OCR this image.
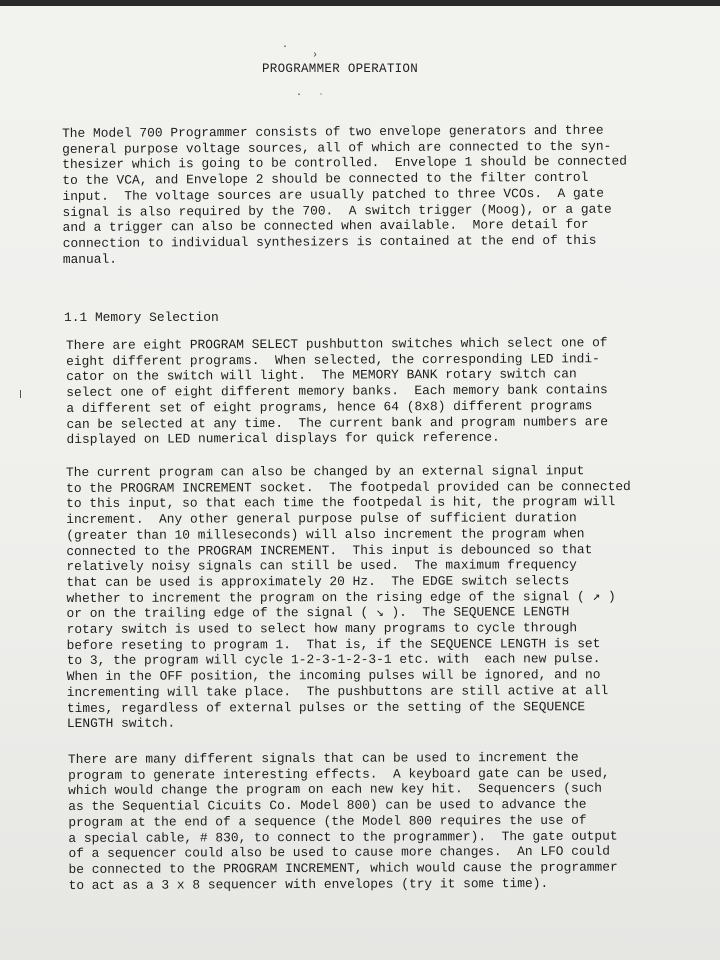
·
›
· ˙
PROGRAMMER OPERATION
The Model 700 Programmer consists of two envelope generators and three
general purpose voltage sources, all of which are connected to the syn-
thesizer which is going to be controlled.  Envelope 1 should be connected
to the VCA, and Envelope 2 should be connected to the filter control
input.  The voltage sources are usually patched to three VCOs.  A gate
signal is also required by the 700.  A switch trigger (Moog), or a gate
and a trigger can also be connected when available.  More detail for
connection to individual synthesizers is contained at the end of this
manual.
1.1 Memory Selection
There are eight PROGRAM SELECT pushbutton switches which select one of
eight different programs.  When selected, the corresponding LED indi-
cator on the switch will light.  The MEMORY BANK rotary switch can
select one of eight different memory banks.  Each memory bank contains
a different set of eight programs, hence 64 (8x8) different programs
can be selected at any time.  The current bank and program numbers are
displayed on LED numerical displays for quick reference.
The current program can also be changed by an external signal input
to the PROGRAM INCREMENT socket.  The footpedal provided can be connected
to this input, so that each time the footpedal is hit, the program will
increment.  Any other general purpose pulse of sufficient duration
(greater than 10 milleseconds) will also increment the program when
connected to the PROGRAM INCREMENT.  This input is debounced so that
relatively noisy signals can still be used.  The maximum frequency
that can be used is approximately 20 Hz.  The EDGE switch selects
whether to increment the program on the rising edge of the signal ( ↗ )
or on the trailing edge of the signal ( ↘ ).  The SEQUENCE LENGTH
rotary switch is used to select how many programs to cycle through
before reseting to program 1.  That is, if the SEQUENCE LENGTH is set
to 3, the program will cycle 1-2-3-1-2-3-1 etc. with  each new pulse.
When in the OFF position, the incoming pulses will be ignored, and no
incrementing will take place.  The pushbuttons are still active at all
times, regardless of external pulses or the setting of the SEQUENCE
LENGTH switch.
There are many different signals that can be used to increment the
program to generate interesting effects.  A keyboard gate can be used,
which would change the program on each new key hit.  Sequencers (such
as the Sequential Cicuits Co. Model 800) can be used to advance the
program at the end of a sequence (the Model 800 requires the use of
a special cable, # 830, to connect to the programmer).  The gate output
of a sequencer could also be used to cause more changes.  An LFO could
be connected to the PROGRAM INCREMENT, which would cause the programmer
to act as a 3 x 8 sequencer with envelopes (try it some time).
